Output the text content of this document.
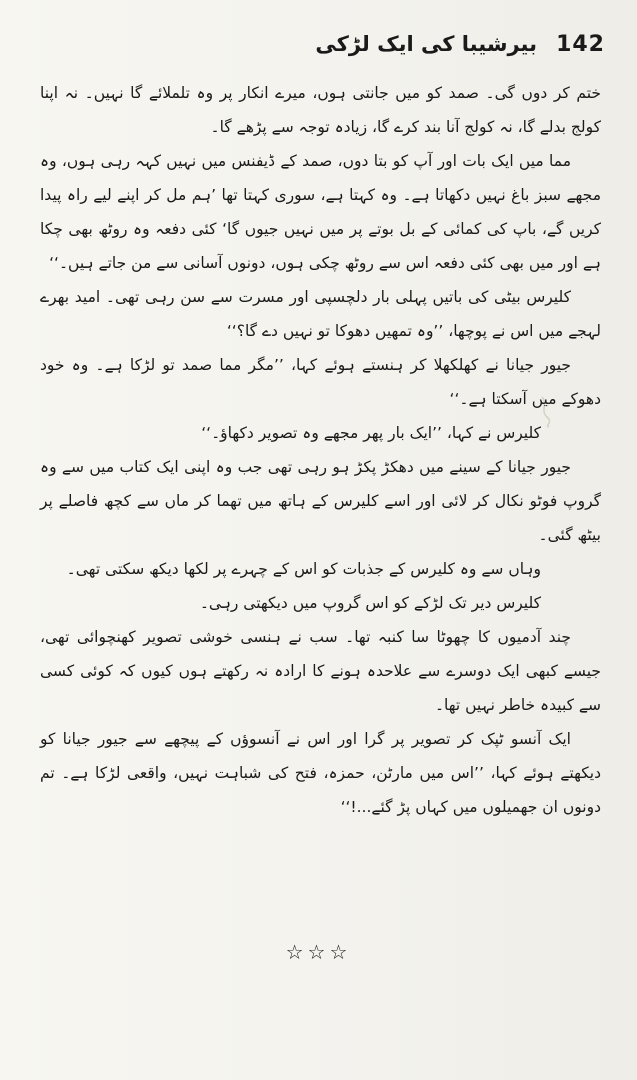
142
بیرشیبا کی ایک لڑکی

ختم کر دوں گی۔ صمد کو میں جانتی ہوں، میرے انکار پر وہ تلملائے گا نہیں۔ نہ اپنا کولج بدلے گا، نہ کولج آنا بند کرے گا، زیادہ توجہ سے پڑھے گا۔

مما میں ایک بات اور آپ کو بتا دوں، صمد کے ڈیفنس میں نہیں کہہ رہی ہوں، وہ مجھے سبز باغ نہیں دکھاتا ہے۔ وہ کہتا ہے، سوری کہتا تھا ’ہم مل کر اپنے لیے راہ پیدا کریں گے، باپ کی کمائی کے بل بوتے پر میں نہیں جیوں گا‘ کئی دفعہ وہ روٹھ بھی چکا ہے اور میں بھی کئی دفعہ اس سے روٹھ چکی ہوں، دونوں آسانی سے من جاتے ہیں۔‘‘

کلیرس بیٹی کی باتیں پہلی بار دلچسپی اور مسرت سے سن رہی تھی۔ امید بھرے لہجے میں اس نے پوچھا، ’’وہ تمھیں دھوکا تو نہیں دے گا؟‘‘

جیور جیانا نے کھلکھلا کر ہنستے ہوئے کہا، ’’مگر مما صمد تو لڑکا ہے۔ وہ خود دھوکے میں آسکتا ہے۔‘‘

کلیرس نے کہا، ’’ایک بار پھر مجھے وہ تصویر دکھاؤ۔‘‘

جیور جیانا کے سینے میں دھکڑ پکڑ ہو رہی تھی جب وہ اپنی ایک کتاب میں سے وہ گروپ فوٹو نکال کر لائی اور اسے کلیرس کے ہاتھ میں تھما کر ماں سے کچھ فاصلے پر بیٹھ گئی۔

وہاں سے وہ کلیرس کے جذبات کو اس کے چہرے پر لکھا دیکھ سکتی تھی۔

کلیرس دیر تک لڑکے کو اس گروپ میں دیکھتی رہی۔

چند آدمیوں کا چھوٹا سا کنبہ تھا۔ سب نے ہنسی خوشی تصویر کھنچوائی تھی، جیسے کبھی ایک دوسرے سے علاحدہ ہونے کا ارادہ نہ رکھتے ہوں کیوں کہ کوئی کسی سے کبیدہ خاطر نہیں تھا۔

ایک آنسو ٹپک کر تصویر پر گرا اور اس نے آنسوؤں کے پیچھے سے جیور جیانا کو دیکھتے ہوئے کہا، ’’اس میں مارٹن، حمزہ، فتح کی شباہت نہیں، واقعی لڑکا ہے۔ تم دونوں ان جھمیلوں میں کہاں پڑ گئے...!‘‘

☆☆☆
